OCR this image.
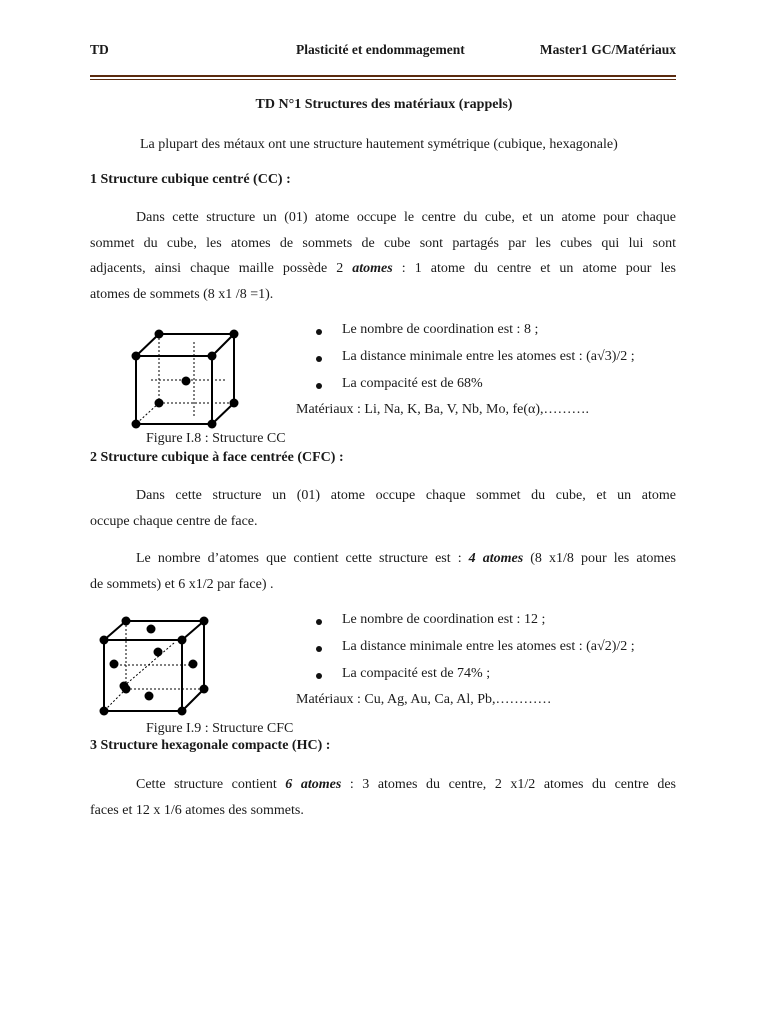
TD	Plasticité et endommagement	Master1 GC/Matériaux
TD N°1 Structures des matériaux (rappels)
La plupart des métaux ont une structure hautement symétrique (cubique, hexagonale)
1 Structure cubique centré (CC) :
Dans cette structure un (01) atome occupe le centre du cube, et un atome pour chaque
sommet du cube, les atomes de sommets de cube sont partagés par les cubes qui lui sont
adjacents, ainsi chaque maille possède 2 atomes : 1 atome du centre et un atome pour les
atomes de sommets (8 x1 /8 =1).
Le nombre de coordination est : 8 ;
La distance minimale entre les atomes est : (a√3)/2 ;
La compacité est de 68%
Matériaux : Li, Na, K, Ba, V, Nb, Mo, fe(α),……….
Figure I.8 : Structure CC
2 Structure cubique à face centrée (CFC) :
Dans cette structure un (01) atome occupe chaque sommet du cube, et un atome
occupe chaque centre de face.
Le nombre d’atomes que contient cette structure est : 4 atomes (8 x1/8 pour les atomes
de sommets) et 6 x1/2 par face) .
Le nombre de coordination est : 12 ;
La distance minimale entre les atomes est : (a√2)/2 ;
La compacité est de 74% ;
Matériaux : Cu, Ag, Au, Ca, Al, Pb,…………
Figure I.9 : Structure CFC
3 Structure hexagonale compacte (HC) :
Cette structure contient 6 atomes : 3 atomes du centre, 2 x1/2 atomes du centre des
faces et 12 x 1/6 atomes des sommets.
